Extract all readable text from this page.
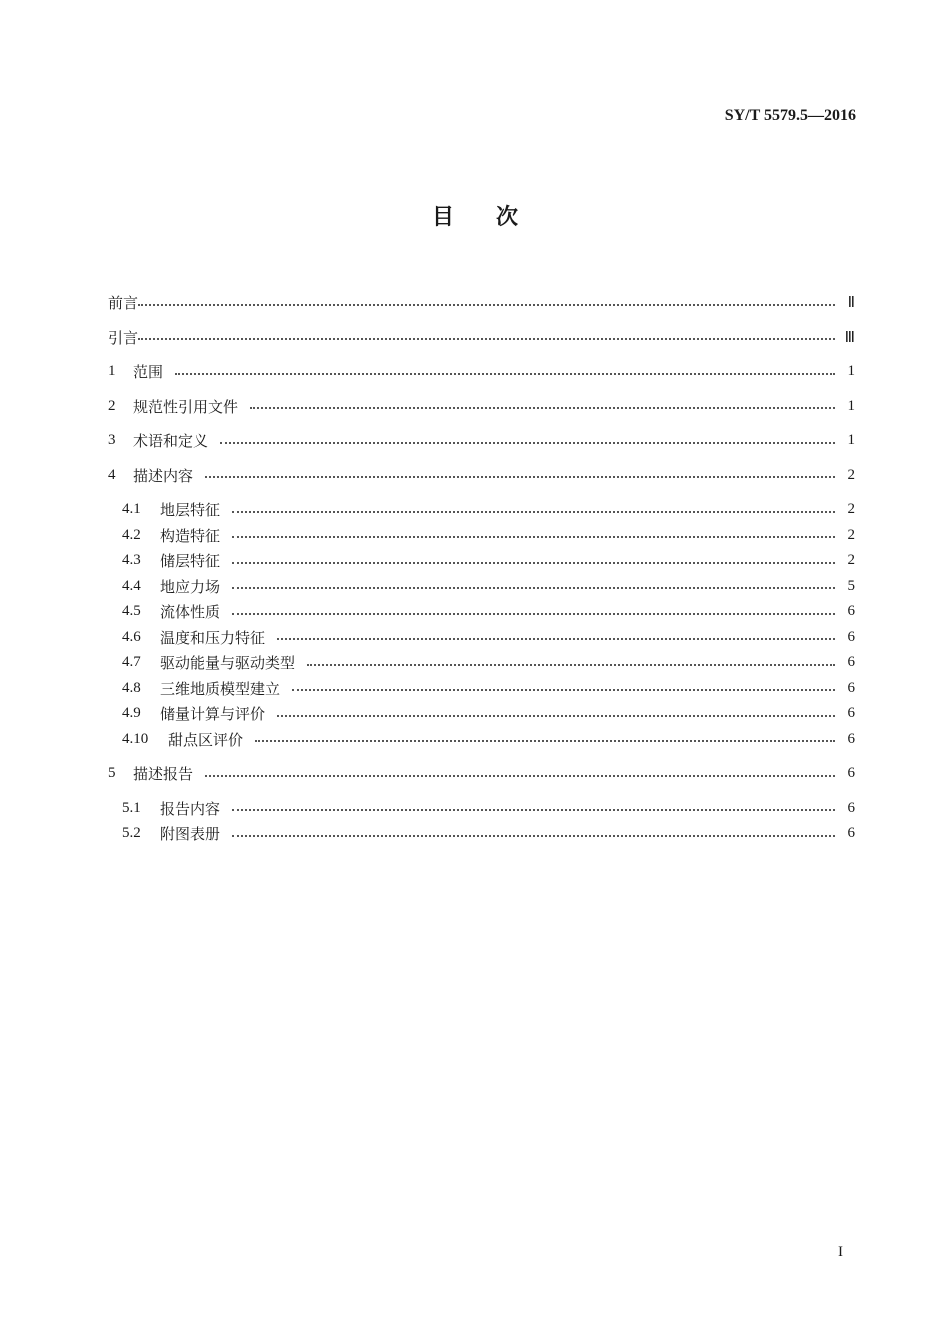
SY/T 5579.5—2016
目次
前言	Ⅱ
引言	Ⅲ
1	范围	1
2	规范性引用文件	1
3	术语和定义	1
4	描述内容	2
4.1	地层特征	2
4.2	构造特征	2
4.3	储层特征	2
4.4	地应力场	5
4.5	流体性质	6
4.6	温度和压力特征	6
4.7	驱动能量与驱动类型	6
4.8	三维地质模型建立	6
4.9	储量计算与评价	6
4.10	甜点区评价	6
5	描述报告	6
5.1	报告内容	6
5.2	附图表册	6
I
